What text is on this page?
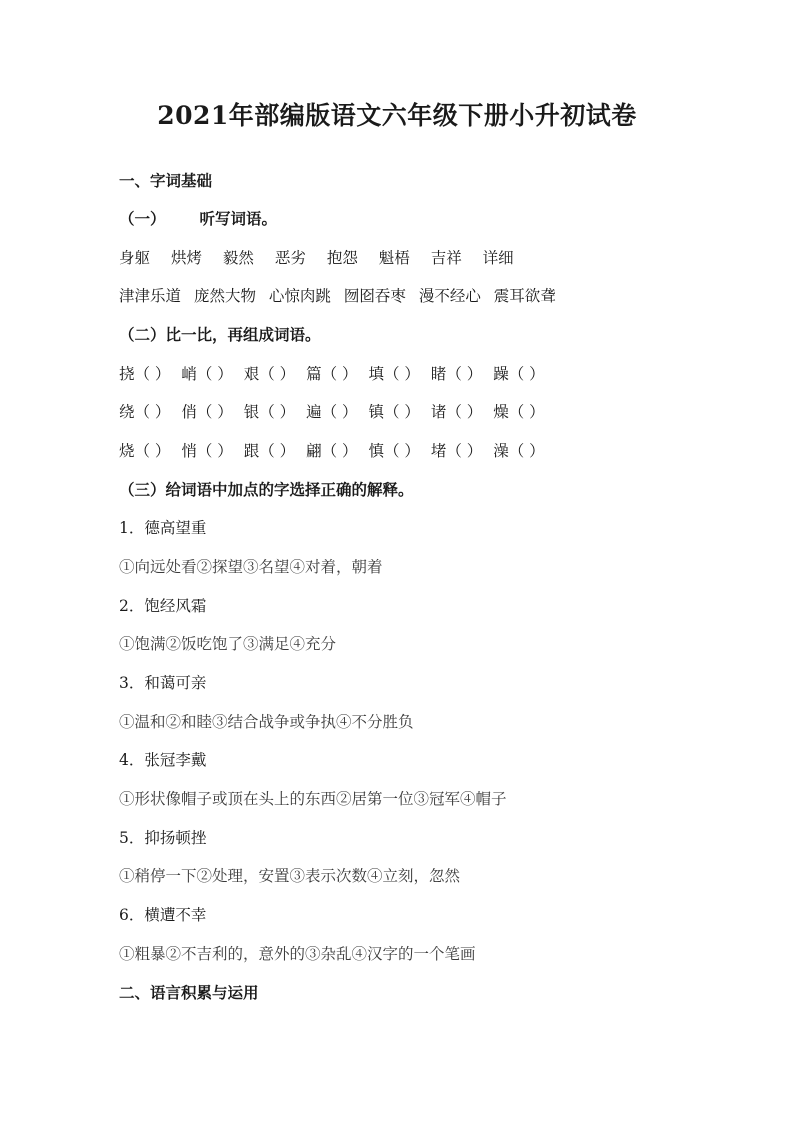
2021年部编版语文六年级下册小升初试卷
一、字词基础
（一） 听写词语。
身躯 烘烤 毅然 恶劣 抱怨 魁梧 吉祥 详细
津津乐道 庞然大物 心惊肉跳 囫囵吞枣 漫不经心 震耳欲聋
（二）比一比，再组成词语。
挠（ ） 峭（ ） 艰（ ） 篇（ ） 填（ ） 睹（ ） 躁（ ）
绕（ ） 俏（ ） 银（ ） 遍（ ） 镇（ ） 诸（ ） 燥（ ）
烧（ ） 悄（ ） 跟（ ） 翩（ ） 慎（ ） 堵（ ） 澡（ ）
（三）给词语中加点的字选择正确的解释。
1．德高望重
①向远处看②探望③名望④对着，朝着
2．饱经风霜
①饱满②饭吃饱了③满足④充分
3．和蔼可亲
①温和②和睦③结合战争或争执④不分胜负
4．张冠李戴
①形状像帽子或顶在头上的东西②居第一位③冠军④帽子
5．抑扬顿挫
①稍停一下②处理，安置③表示次数④立刻，忽然
6．横遭不幸
①粗暴②不吉利的，意外的③杂乱④汉字的一个笔画
二、语言积累与运用
